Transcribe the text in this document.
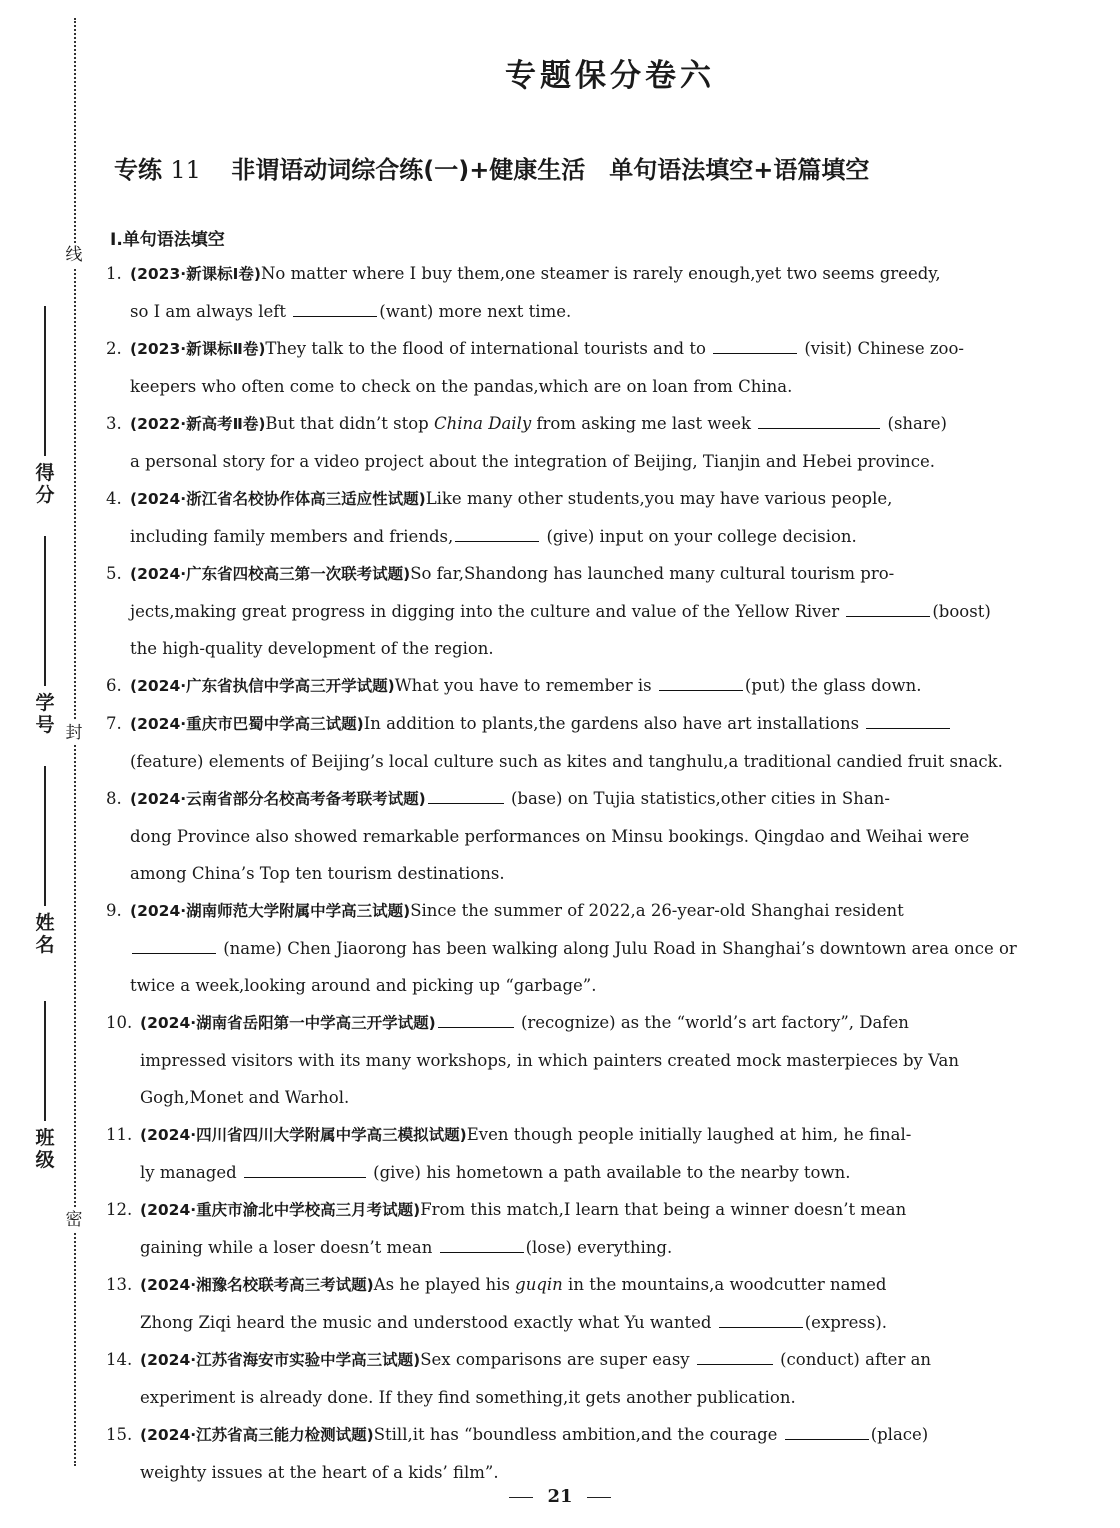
线
封
密
得分
学号
姓名
班级
专题保分卷六
专练 11 非谓语动词综合练(一)+健康生活　单句语法填空+语篇填空
Ⅰ.单句语法填空
1. (2023·新课标Ⅰ卷)No matter where I buy them,one steamer is rarely enough,yet two seems greedy,
so I am always left	(want) more next time.
2. (2023·新课标Ⅱ卷)They talk to the flood of international tourists and to	(visit) Chinese zoo-
keepers who often come to check on the pandas,which are on loan from China.
3. (2022·新高考Ⅱ卷)But that didn’t stop China Daily from asking me last week	(share)
a personal story for a video project about the integration of Beijing, Tianjin and Hebei province.
4. (2024·浙江省名校协作体高三适应性试题)Like many other students,you may have various people,
including family members and friends,	(give) input on your college decision.
5. (2024·广东省四校高三第一次联考试题)So far,Shandong has launched many cultural tourism pro-
jects,making great progress in digging into the culture and value of the Yellow River	(boost)
the high-quality development of the region.
6. (2024·广东省执信中学高三开学试题)What you have to remember is	(put) the glass down.
7. (2024·重庆市巴蜀中学高三试题)In addition to plants,the gardens also have art installations
(feature) elements of Beijing’s local culture such as kites and tanghulu,a traditional candied fruit snack.
8. (2024·云南省部分名校高考备考联考试题)	(base) on Tujia statistics,other cities in Shan-
dong Province also showed remarkable performances on Minsu bookings. Qingdao and Weihai were
among China’s Top ten tourism destinations.
9. (2024·湖南师范大学附属中学高三试题)Since the summer of 2022,a 26-year-old Shanghai resident
(name) Chen Jiaorong has been walking along Julu Road in Shanghai’s downtown area once or
twice a week,looking around and picking up “garbage”.
10. (2024·湖南省岳阳第一中学高三开学试题)	(recognize) as the “world’s art factory”, Dafen
impressed visitors with its many workshops, in which painters created mock masterpieces by Van
Gogh,Monet and Warhol.
11. (2024·四川省四川大学附属中学高三模拟试题)Even though people initially laughed at him, he final-
ly managed	(give) his hometown a path available to the nearby town.
12. (2024·重庆市渝北中学校高三月考试题)From this match,I learn that being a winner doesn’t mean
gaining while a loser doesn’t mean	(lose) everything.
13. (2024·湘豫名校联考高三考试题)As he played his guqin in the mountains,a woodcutter named
Zhong Ziqi heard the music and understood exactly what Yu wanted	(express).
14. (2024·江苏省海安市实验中学高三试题)Sex comparisons are super easy	(conduct) after an
experiment is already done. If they find something,it gets another publication.
15. (2024·江苏省高三能力检测试题)Still,it has “boundless ambition,and the courage	(place)
weighty issues at the heart of a kids’ film”.
21
